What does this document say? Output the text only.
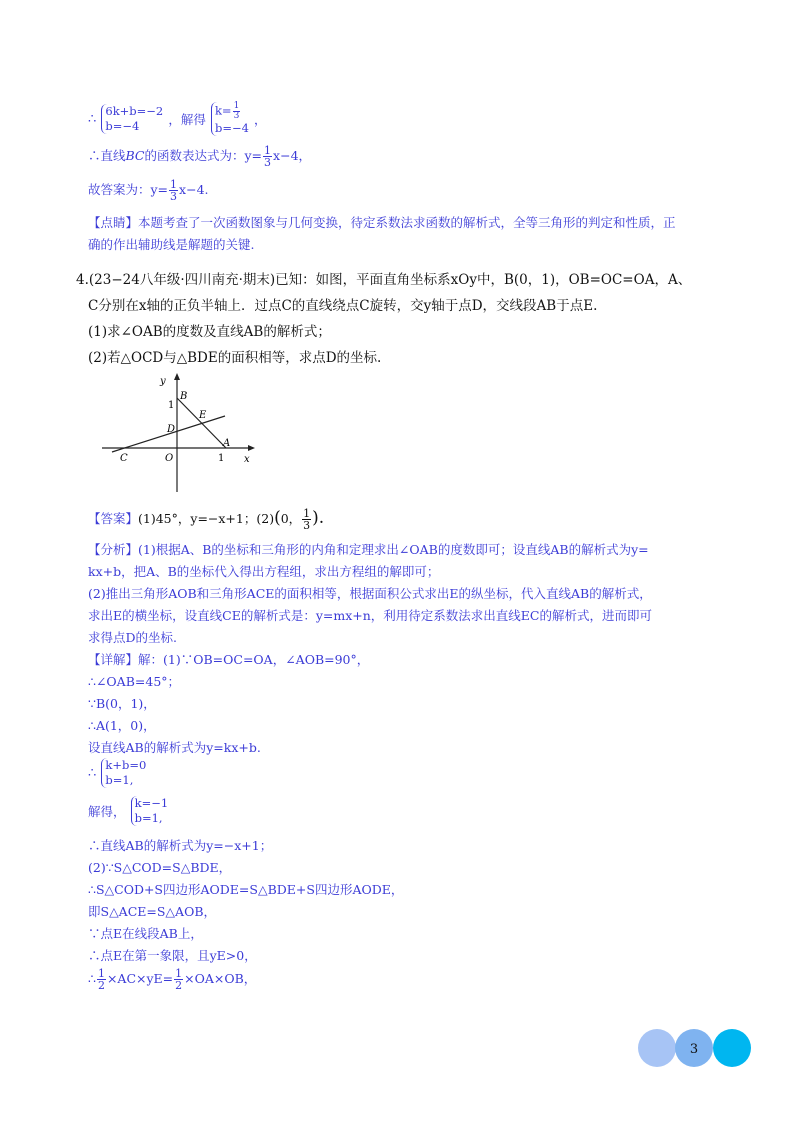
∴
6k+b=−2
b=−4	，解得
$k= \frac{1}{3}$
b=−4
，
∴直线BC的函数表达式为：$y= \frac{1}{3} x-4$，
故答案为：$y= \frac{1}{3} x-4$.
【点睛】本题考查了一次函数图象与几何变换，待定系数法求函数的解析式，全等三角形的判定和性质，正
确的作出辅助线是解题的关键.
4.(23−24八年级·四川南充·期末)已知：如图，平面直角坐标系xOy中，B(0，1)，OB=OC=OA，A、
C分别在x轴的正负半轴上．过点C的直线绕点C旋转，交y轴于点D，交线段AB于点E.
(1)求∠OAB的度数及直线AB的解析式；
(2)若△OCD与△BDE的面积相等，求点D的坐标.
y
x
B
1
E
D
A
C	O	1
【答案】(1)45°，y=−x+1；(2)(0， $\frac{1}{3}$ ).
【分析】(1)根据A、B的坐标和三角形的内角和定理求出∠OAB的度数即可；设直线AB的解析式为y=
kx+b，把A、B的坐标代入得出方程组，求出方程组的解即可；
(2)推出三角形AOB和三角形ACE的面积相等，根据面积公式求出E的纵坐标，代入直线AB的解析式，
求出E的横坐标，设直线CE的解析式是：y=mx+n，利用待定系数法求出直线EC的解析式，进而即可
求得点D的坐标.
【详解】解：(1)∵OB=OC=OA，∠AOB=90°，
∴∠OAB=45°；
∵B(0，1)，
∴A(1，0)，
设直线AB的解析式为y=kx+b.
∴
k+b=0
b=1,
解得，
k=−1
b=1,
∴直线AB的解析式为y=−x+1；
(2)∵S△COD=S△BDE，
∴S△COD+S四边形AODE=S△BDE+S四边形AODE，
即S△ACE=S△AOB，
∵点E在线段AB上，
∴点E在第一象限，且yE>0，
∴ $\frac{1}{2} \times AC\times yE= \frac{1}{2} \times OA\times OB$，
3
